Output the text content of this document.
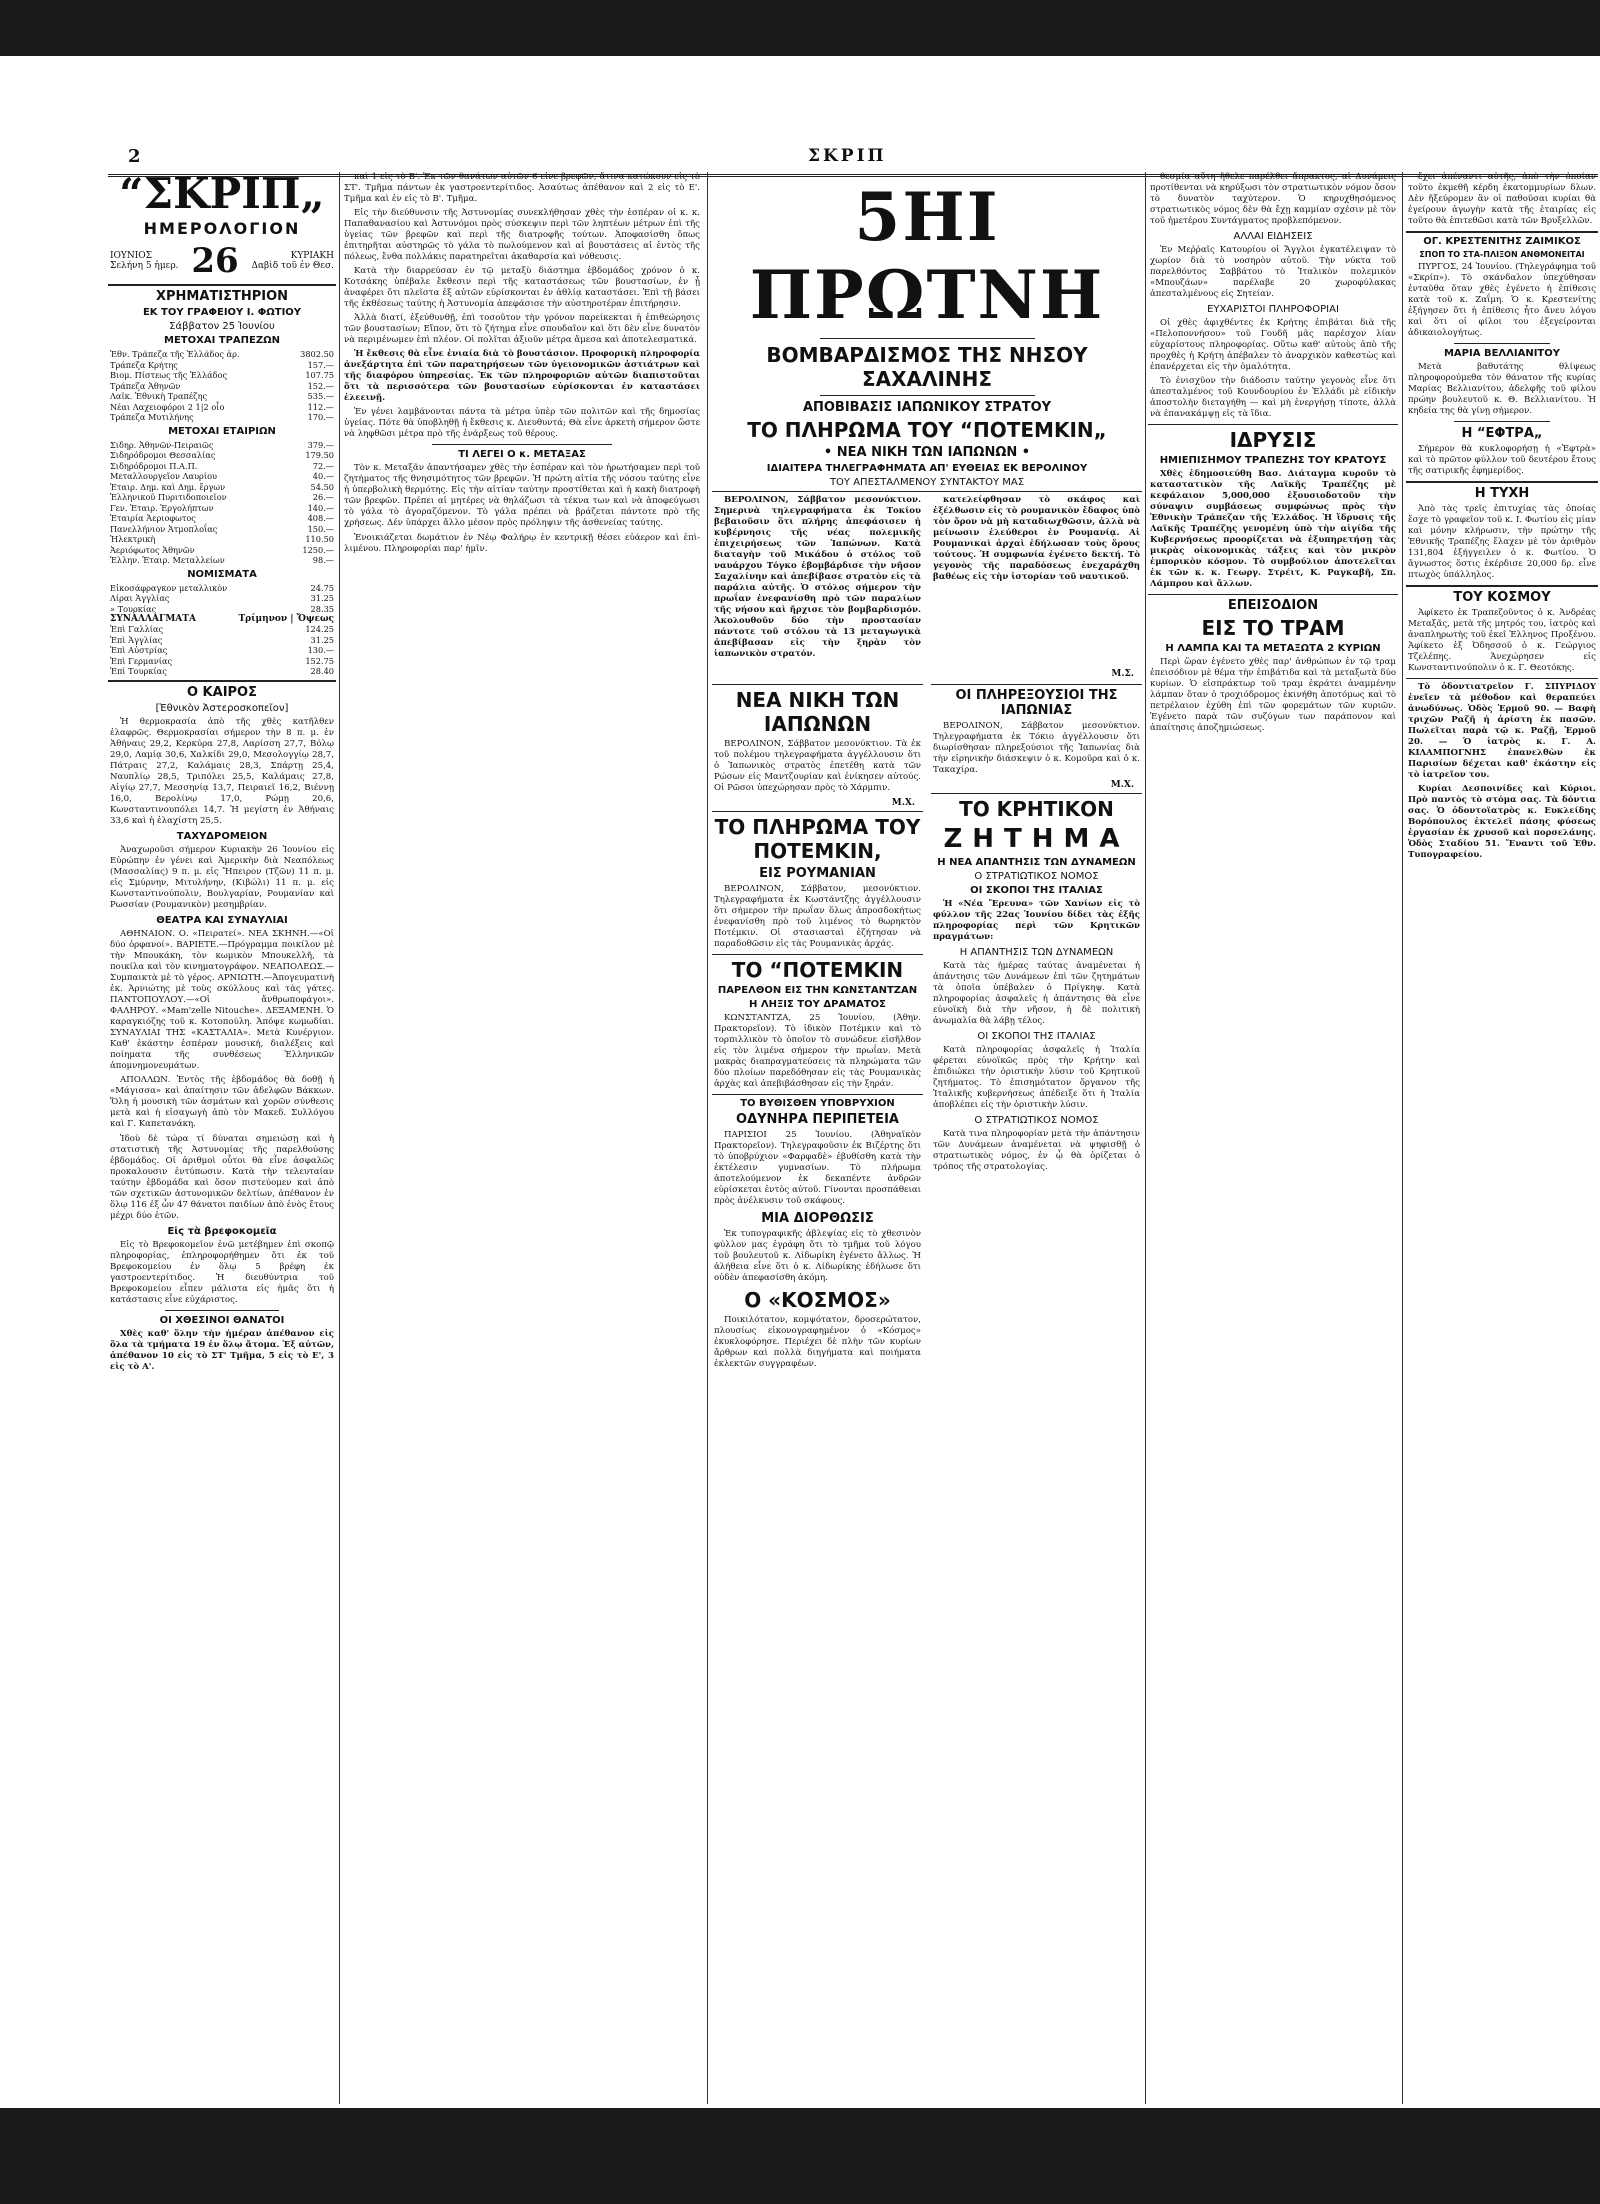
2	ΣΚΡΙΠ
“ΣΚΡΙΠ„
ΗΜΕΡΟΛΟΓΙΟΝ
ΙΟΥΝΙΟΣ
Σελήνη 5 ἡμερ. 26	ΚΥΡΙΑΚΗ
Δαβὶδ τοῦ ἐν Θεσ.
ΧΡΗΜΑΤΙΣΤΗΡΙΟΝ
ΕΚ ΤΟΥ ΓΡΑΦΕΙΟΥ Ι. ΦΩΤΙΟΥ
Σάββατον 25 Ἰουνίου
ΜΕΤΟΧΑΙ ΤΡΑΠΕΖΩΝ
Ἐθν. Τράπεζα τῆς Ἑλλάδος ἀρ.	3802.50
Τράπεζα Κρήτης	157.—
Βιομ. Πίστεως τῆς Ἑλλάδος	107.75
Τράπεζα Ἀθηνῶν	152.—
Λαϊκ. Ἐθνικὴ Τραπέζης	535.—
Νέαι Λαχειοφόροι 2 1|2 οἷο	112.—
Τράπεζα Μυτιλήνης	170.—
ΜΕΤΟΧΑΙ ΕΤΑΙΡΙΩΝ
Σιδηρ. Ἀθηνῶν-Πειραιῶς	379.—
Σιδηρόδρομοι Θεσσαλίας	179.50
Σιδηρόδρομοι Π.Α.Π.	72.—
Μεταλλουργεῖον Λαυρίου	40.—
Ἑταιρ. Δημ. καὶ Δημ. ἔργων	54.50
Ἑλληνικοῦ Πυριτιδοποιεῖον	26.—
Γεν. Ἑταιρ. Ἐργολήπτων	140.—
Ἑταιρία Ἀεριοφωτος	408.—
Πανελλήνιον Ἀτμοπλοΐας	150.—
Ἠλεκτρικὴ	110.50
Ἀεριόφωτος Ἀθηνῶν	1250.—
Ἑλλην. Ἑταιρ. Μεταλλείων	98.—
ΝΟΜΙΣΜΑΤΑ
Εἰκοσάφραγκον μεταλλικὸν	24.75
Λίραι Ἀγγλίας	31.25
» Τουρκίας	28.35
ΣΥΝΑΛΛΑΓΜΑΤΑ	Τρίμηνον | Ὄψεως
Ἐπὶ Γαλλίας	124.25
Ἐπὶ Ἀγγλίας	31.25
Ἐπὶ Αὐστρίας	130.—
Ἐπὶ Γερμανίας	152.75
Ἐπὶ Τουρκίας	28.40
Ο ΚΑΙΡΟΣ
[Ἐθνικὸν Ἀστεροσκοπεῖον]

Ἡ θερμοκρασία ἀπὸ τῆς χθὲς κατῆλθεν ἐλαφρῶς. Θερμοκρασίαι σήμερον τὴν 8 π. μ. ἐν Ἀθήναις 29,2, Κερκύρα 27,8, Λαρίσση 27,7, Βόλῳ 29,0, Λαμίᾳ 30,6, Χαλκίδι 29,0, Μεσολογγίῳ 28,7, Πάτραις 27,2, Καλάμαις 28,3, Σπάρτῃ 25,4, Ναυπλίῳ 28,5, Τριπόλει 25,5, Καλάμαις 27,8, Αἰγίῳ 27,7, Μεσσηνίᾳ 13,7, Πειραιεῖ 16,2, Βιέννῃ 16,0, Βερολίνῳ 17,0, Ρώμῃ 20,6, Κωνσταντινουπόλει 14,7. Ἡ μεγίστη ἐν Ἀθήναις 33,6 καὶ ἡ ἐλαχίστη 25,5.

ΤΑΧΥΔΡΟΜΕΙΟΝ

Ἀναχωροῦσι σήμερον Κυριακὴν 26 Ἰουνίου εἰς Εὐρώπην ἐν γένει καὶ Ἀμερικὴν διὰ Νεαπόλεως (Μασσαλίας) 9 π. μ. εἰς Ἤπειρον (Τζῶν) 11 π. μ. εἰς Σμύρνην, Μιτυλήνην, (Κιβώλι) 11 π. μ. εἰς Κωνσταντινούπολιν, Βουλγαρίαν, Ρουμανίαν καὶ Ρωσσίαν (Ρουμανικὸν) μεσημβρίαν.

ΘΕΑΤΡΑ ΚΑΙ ΣΥΝΑΥΛΙΑΙ

ΑΘΗΝΑΙΟΝ. Ο. «Πειρατεί». ΝΕΑ ΣΚΗΝΗ.—«Οἱ δύο ὀρφανοί». ΒΑΡΙΕΤΕ.—Πρόγραμμα ποικίλον μὲ τὴν Μπουκάκη, τὸν κωμικὸν Μπουκελλῆ, τὰ ποικίλα καὶ τὸν κινηματογράφον. ΝΕΑΠΟΛΕΩΣ.—Συμπαικτὰ μὲ τὸ γέρος. ΑΡΝΙΩΤΗ.—Ἀπογευματινὴ ἐκ. Ἀρνιώτης μὲ τοὺς σκύλλους καὶ τὰς γάτες. ΠΑΝΤΟΠΟΥΛΟΥ.—«Οἱ ἄνθρωποφάγοι». ΦΑΛΗΡΟΥ. «Mam'zelle Nitouche». ΔΕΞΑΜΕΝΗ. Ὁ καραγκιόζης τοῦ κ. Κοτοπούλη. Ἀπόψε κωμωδίαι. ΣΥΝΑΥΛΙΑΙ ΤΗΣ «ΚΑΣΤΑΛΙΑ». Μετὰ Κυνέργιον. Καθ' ἑκάστην ἑσπέραν μουσική, διαλέξεις καὶ ποίηματα τῆς συνθέσεως Ἑλληνικῶν ἀπομνημονευμάτων.

ΑΠΟΛΛΩΝ. Ἐντὸς τῆς ἑβδομάδος θὰ δοθῇ ἡ «Μάγισσα» καὶ ἀπαίτησιν τῶν ἀδελφῶν Βάκκων. Ὅλη ἡ μουσικὴ τῶν ἀσμάτων καὶ χορῶν σύνθεσις μετὰ καὶ ἡ εἰσαγωγὴ ἀπὸ τὸν Μακεδ. Συλλόγου καὶ Γ. Καπετανάκη.

Ἰδοὺ δὲ τώρα τί δύναται σημειώσῃ καὶ ἡ στατιστικὴ τῆς Ἀστυνομίας τῆς παρελθούσης ἑβδομάδος. Οἱ ἀριθμοὶ οὗτοι θὰ εἶνε ἀσφαλῶς προκαλουσιν ἐντύπωσιν. Κατὰ τὴν τελευταίαν ταύτην ἑβδομάδα καὶ ὅσον πιστεύομεν καὶ ἀπὸ τῶν σχετικῶν ἀστυνομικῶν δελτίων, ἀπέθανον ἐν ὅλῳ 116 ἐξ ὧν 47 θάνατοι παιδίων ἀπὸ ἑνὸς ἔτους μέχρι δύο ἐτῶν.

Εἰς τὰ βρεφοκομεῖα

Εἰς τὸ Βρεφοκομεῖον ἐνῶ μετέβημεν ἐπὶ σκοπῷ πληροφορίας, ἐπληροφορήθημεν ὅτι ἐκ τοῦ Βρεφοκομείου ἐν ὅλῳ 5 βρέφη ἐκ γαστροεντερίτιδος. Ἡ διευθύντρια τοῦ Βρεφοκομείου εἶπεν μάλιστα εἰς ἡμᾶς ὅτι ἡ κατάστασις εἶνε εὐχάριστος.

ΟΙ ΧΘΕΣΙΝΟΙ ΘΑΝΑΤΟΙ

Χθὲς καθ' ὅλην τὴν ἡμέραν ἀπέθανον εἰς ὅλα τὰ τμήματα 19 ἐν ὅλῳ ἄτομα. Ἐξ αὐτῶν, ἀπέθανον 10 εἰς τὸ ΣΤ' Τμῆμα, 5 εἰς τὸ Ε', 3 εἰς τὸ Α'.

καὶ 1 εἰς τὸ Β'. Ἐκ τῶν θανάτων αὐτῶν 6 εἶνε βρεφῶν, ἄτινα κατώκουν εἰς τὸ ΣΤ'. Τμῆμα πάντων ἐκ γαστροεντερίτιδος. Ἀσαύτως ἀπέθανον καὶ 2 εἰς τὸ Ε'. Τμῆμα καὶ ἐν εἰς τὸ Β'. Τμῆμα.

Εἰς τὴν διεύθυνσιν τῆς Ἀστυνομίας συνεκλήθησαν χθὲς τὴν ἑσπέραν οἱ κ. κ. Παπαθανασίου καὶ Ἀστυνόμοι πρὸς σύσκεψιν περὶ τῶν ληπτέων μέτρων ἐπὶ τῆς ὑγείας τῶν βρεφῶν καὶ περὶ τῆς διατροφῆς τούτων. Ἀποφασίσθη ὅπως ἐπιτηρῆται αὐστηρῶς τὸ γάλα τὸ πωλούμενον καὶ αἱ βουστάσεις αἱ ἐντὸς τῆς πόλεως, ἔνθα πολλάκις παρατηρεῖται ἀκαθαρσία καὶ νόθευσις.

Κατὰ τὴν διαρρεύσαν ἐν τῷ μεταξὺ διάστημα ἑβδομάδος χρόνον ὁ κ. Κοτσάκης ὑπέβαλε ἔκθεσιν περὶ τῆς καταστάσεως τῶν βουστασίων, ἐν ᾗ ἀναφέρει ὅτι πλεῖστα ἐξ αὐτῶν εὑρίσκονται ἐν ἀθλίᾳ καταστάσει. Ἐπὶ τῇ βάσει τῆς ἐκθέσεως ταύτης ἡ Ἀστυνομία ἀπεφάσισε τὴν αὐστηροτέραν ἐπιτήρησιν.

Ἀλλὰ διατί, ἐξεύθυνθῇ, ἐπὶ τοσοῦτον τὴν γρόνον παρείκεκται ἡ ἐπιθεώρησις τῶν βουστασίων; Εἴπον, ὅτι τὸ ζήτημα εἶνε σπουδαῖον καὶ ὅτι δὲν εἶνε δυνατὸν νὰ περιμένωμεν ἐπὶ πλέον. Οἱ πολῖται ἀξιοῦν μέτρα ἄμεσα καὶ ἀποτελεσματικά.

Ἡ ἔκθεσις θὰ εἶνε ἐνιαία διὰ τὸ βουστάσιον. Προφορικὴ πληροφορία ἀνεξάρτητα ἐπὶ τῶν παρατηρήσεων τῶν ὑγειονομικῶν ἀστιάτρων καὶ τῆς διαφόρου ὑπηρεσίας. Ἐκ τῶν πληροφοριῶν αὐτῶν διαπιστοῦται ὅτι τὰ περισσότερα τῶν βουστασίων εὑρίσκονται ἐν καταστάσει ἐλεεινῇ.

Ἐν γένει λαμβάνονται πάντα τὰ μέτρα ὑπὲρ τῶν πολιτῶν καὶ τῆς δημοσίας ὑγείας. Πότε θὰ ὑποβληθῇ ἡ ἔκθεσις κ. Διευθυντά; Θὰ εἶνε ἀρκετὴ σήμερον ὥστε νὰ ληφθῶσι μέτρα πρὸ τῆς ἐνάρξεως τοῦ θέρους.

ΤΙ ΛΕΓΕΙ Ο κ. ΜΕΤΑΞΑΣ

Τὸν κ. Μεταξᾶν ἀπαντήσαμεν χθὲς τὴν ἑσπέραν καὶ τὸν ἠρωτήσαμεν περὶ τοῦ ζητήματος τῆς θνησιμότητος τῶν βρεφῶν. Ἡ πρώτη αἰτία τῆς νόσου ταύτης εἶνε ἡ ὑπερβολικὴ θερμότης. Εἰς τὴν αἰτίαν ταύτην προστίθεται καὶ ἡ κακὴ διατροφὴ τῶν βρεφῶν. Πρέπει αἱ μητέρες νὰ θηλάζωσι τὰ τέκνα των καὶ νὰ ἀποφεύγωσι τὸ γάλα τὸ ἀγοραζόμενον. Τὸ γάλα πρέπει νὰ βράζεται πάντοτε πρὸ τῆς χρήσεως. Δέν ὑπάρχει ἄλλο μέσον πρὸς πρόληψιν τῆς ἀσθενείας ταύτης.

Ἐνοικιάζεται δωμάτιον ἐν Νέῳ Φαλήρῳ ἐν κεντρικῇ θέσει εὐάερον καὶ ἐπὶ-λιμένου. Πληροφορίαι παρ' ἡμῖν.

5ΗΙ ΠΡΩΤΝΗ
ΒΟΜΒΑΡΔΙΣΜΟΣ ΤΗΣ ΝΗΣΟΥ ΣΑΧΑΛΙΝΗΣ
ΑΠΟΒΙΒΑΣΙΣ ΙΑΠΩΝΙΚΟΥ ΣΤΡΑΤΟΥ
ΤΟ ΠΛΗΡΩΜΑ ΤΟΥ “ΠΟΤΕΜΚΙΝ„
• ΝΕΑ ΝΙΚΗ ΤΩΝ ΙΑΠΩΝΩΝ •
ΙΔΙΑΙΤΕΡΑ ΤΗΛΕΓΡΑΦΗΜΑΤΑ ΑΠ' ΕΥΘΕΙΑΣ ΕΚ ΒΕΡΟΛΙΝΟΥ
ΤΟΥ ΑΠΕΣΤΑΛΜΕΝΟΥ ΣΥΝΤΑΚΤΟΥ ΜΑΣ

ΒΕΡΟΛΙΝΟΝ, Σάββατον μεσονύκτιον. Σημερινὰ τηλεγραφήματα ἐκ Τοκίου βεβαιοῦσιν ὅτι πλήρης ἀπεφάσισεν ἡ κυβέρνησις τῆς νέας πολεμικῆς ἐπιχειρήσεως τῶν Ἰαπώνων. Κατὰ διαταγὴν τοῦ Μικάδου ὁ στόλος τοῦ ναυάρχου Τόγκο ἐβομβάρδισε τὴν νῆσον Σαχαλίνην καὶ ἀπεβίβασε στρατὸν εἰς τὰ παράλια αὐτῆς. Ὁ στόλος σήμερον τὴν πρωΐαν ἐνεφανίσθη πρὸ τῶν παραλίων τῆς νήσου καὶ ἤρχισε τὸν βομβαρδισμόν. Ἀκολουθοῦν δύο τὴν προστασίαν πάντοτε τοῦ στόλου τὰ 13 μεταγωγικὰ ἀπεβίβασαν εἰς τὴν ξηρὰν τὸν ἰαπωνικὸν στρατόν.

κατελείφθησαν τὸ σκάφος καὶ ἐξέλθωσιν εἰς τὸ ρουμανικὸν ἔδαφος ὑπὸ τὸν ὅρον νὰ μὴ καταδιωχθῶσιν, ἀλλὰ νὰ μείνωσιν ἐλεύθεροι ἐν Ρουμανίᾳ. Αἱ Ρουμανικαὶ ἀρχαὶ ἐδήλωσαν τοὺς ὅρους τούτους. Ἡ συμφωνία ἐγένετο δεκτή. Τὸ γεγονὸς τῆς παραδόσεως ἐνεχαράχθη βαθέως εἰς τὴν ἱστορίαν τοῦ ναυτικοῦ.

Μ.Σ.
ΝΕΑ ΝΙΚΗ ΤΩΝ ΙΑΠΩΝΩΝ

ΒΕΡΟΛΙΝΟΝ, Σάββατον μεσονύκτιον. Τὰ ἐκ τοῦ πολέμου τηλεγραφήματα ἀγγέλλουσιν ὅτι ὁ Ἰαπωνικὸς στρατὸς ἐπετέθη κατὰ τῶν Ρώσων εἰς Μαντζουρίαν καὶ ἐνίκησεν αὐτούς. Οἱ Ρῶσοι ὑπεχώρησαν πρὸς τὸ Χάρμπιν.

Μ.Χ.
ΤΟ ΠΛΗΡΩΜΑ ΤΟΥ ΠΟΤΕΜΚΙΝ,
ΕΙΣ ΡΟΥΜΑΝΙΑΝ

ΒΕΡΟΛΙΝΟΝ, Σάββατον, μεσονύκτιον. Τηλεγραφήματα ἐκ Κωστάντζης ἀγγέλλουσιν ὅτι σήμερον τὴν πρωΐαν ὅλως ἀπροσδοκήτως ἐνεφανίσθη πρὸ τοῦ λιμένος τὸ θωρηκτὸν Ποτέμκιν. Οἱ στασιασταὶ ἐζήτησαν νὰ παραδοθῶσιν εἰς τὰς Ρουμανικὰς ἀρχάς.

ΤΟ “ΠΟΤΕΜΚΙΝ
ΠΑΡΕΛΘΟΝ ΕΙΣ ΤΗΝ ΚΩΝΣΤΑΝΤΖΑΝ
Η ΛΗΞΙΣ ΤΟΥ ΔΡΑΜΑΤΟΣ

ΚΩΝΣΤΑΝΤΖΑ, 25 Ἰουνίου. (Ἀθην. Πρακτορεῖον). Τὸ ἰδικὸν Ποτέμκιν καὶ τὸ τορπιλλικὸν τὸ ὁποῖον τὸ συνώδευε εἰσῆλθον εἰς τὸν λιμένα σήμερον τὴν πρωΐαν. Μετὰ μακρὰς διαπραγματεύσεις τὰ πληρώματα τῶν δύο πλοίων παρεδόθησαν εἰς τὰς Ρουμανικὰς ἀρχὰς καὶ ἀπεβιβάσθησαν εἰς τὴν ξηράν.

ΤΟ ΒΥΘΙΣΘΕΝ ΥΠΟΒΡΥΧΙΟΝ
ΟΔΥΝΗΡΑ ΠΕΡΙΠΕΤΕΙΑ

ΠΑΡΙΣΙΟΙ 25 Ἰουνίου. (Ἀθηναϊκὸν Πρακτορεῖον). Τηλεγραφοῦσιν ἐκ Βιζέρτης ὅτι τὸ ὑποβρύχιον «Φαρφαδὲ» ἐβυθίσθη κατὰ τὴν ἐκτέλεσιν γυμνασίων. Τὸ πλήρωμα ἀποτελούμενον ἐκ δεκαπέντε ἀνδρῶν εὑρίσκεται ἐντὸς αὐτοῦ. Γίνονται προσπάθειαι πρὸς ἀνέλκυσιν τοῦ σκάφους.

ΜΙΑ ΔΙΟΡΘΩΣΙΣ

Ἐκ τυπογραφικῆς ἀβλεψίας εἰς τὸ χθεσινὸν φύλλον μας ἐγράφη ὅτι τὸ τμῆμα τοῦ λόγου τοῦ βουλευτοῦ κ. Λίδωρίκη ἐγένετο ἄλλως. Ἡ ἀλήθεια εἶνε ὅτι ὁ κ. Λίδωρίκης ἐδήλωσε ὅτι οὐδὲν ἀπεφασίσθη ἀκόμη.

Ο «ΚΟΣΜΟΣ»

Ποικιλότατον, κομψότατον, δροσερώτατον, πλουσίως εἰκονογραφημένον ὁ «Κόσμος» ἐκυκλοφόρησε. Περιέχει δὲ πλὴν τῶν κυρίων ἄρθρων καὶ πολλὰ διηγήματα καὶ ποιήματα ἐκλεκτῶν συγγραφέων.

ΟΙ ΠΛΗΡΕΞΟΥΣΙΟΙ ΤΗΣ ΙΑΠΩΝΙΑΣ

ΒΕΡΟΛΙΝΟΝ, Σάββατον μεσονύκτιον. Τηλεγραφήματα ἐκ Τόκιο ἀγγέλλουσιν ὅτι διωρίσθησαν πληρεξούσιοι τῆς Ἰαπωνίας διὰ τὴν εἰρηνικὴν διάσκεψιν ὁ κ. Κομοῦρα καὶ ὁ κ. Τακαχίρα.

Μ.Χ.
ΤΟ ΚΡΗΤΙΚΟΝ
ΖΗΤΗΜΑ
Η ΝΕΑ ΑΠΑΝΤΗΣΙΣ ΤΩΝ ΔΥΝΑΜΕΩΝ
Ο ΣΤΡΑΤΙΩΤΙΚΟΣ ΝΟΜΟΣ
ΟΙ ΣΚΟΠΟΙ ΤΗΣ ΙΤΑΛΙΑΣ

Ἡ «Νέα Ἔρευνα» τῶν Χανίων εἰς τὸ φύλλον τῆς 22ας Ἰουνίου δίδει τὰς ἑξῆς πληροφορίας περὶ τῶν Κρητικῶν πραγμάτων:

Η ΑΠΑΝΤΗΣΙΣ ΤΩΝ ΔΥΝΑΜΕΩΝ

Κατὰ τὰς ἡμέρας ταύτας ἀναμένεται ἡ ἀπάντησις τῶν Δυνάμεων ἐπὶ τῶν ζητημάτων τὰ ὁποῖα ὑπέβαλεν ὁ Πρίγκηψ. Κατὰ πληροφορίας ἀσφαλεῖς ἡ ἀπάντησις θὰ εἶνε εὐνοϊκὴ διὰ τὴν νῆσον, ἡ δὲ πολιτικὴ ἀνωμαλία θὰ λάβῃ τέλος.

ΟΙ ΣΚΟΠΟΙ ΤΗΣ ΙΤΑΛΙΑΣ

Κατὰ πληροφορίας ἀσφαλεῖς ἡ Ἰταλία φέρεται εὐνοϊκῶς πρὸς τὴν Κρήτην καὶ ἐπιδιώκει τὴν ὁριστικὴν λύσιν τοῦ Κρητικοῦ ζητήματος. Τὸ ἐπισημότατον ὄργανον τῆς Ἰταλικῆς κυβερνήσεως ἀπέδειξε ὅτι ἡ Ἰταλία ἀποβλέπει εἰς τὴν ὁριστικὴν λύσιν.

Ο ΣΤΡΑΤΙΩΤΙΚΟΣ ΝΟΜΟΣ

Κατὰ τινα πληροφορίαν μετὰ τὴν ἀπάντησιν τῶν Δυνάμεων ἀναμένεται νὰ ψηφισθῇ ὁ στρατιωτικὸς νόμος, ἐν ᾧ θὰ ὁρίζεται ὁ τρόπος τῆς στρατολογίας.

θεσμία αὕτη ἤθελε παρέλθει ἄπρακτος, αἱ Δυνάμεις προτίθενται νὰ κηρύξωσι τὸν στρατιωτικὸν νόμον ὅσον τὸ δυνατὸν ταχύτερον. Ὁ κηρυχθησόμενος στρατιωτικὸς νόμος δὲν θὰ ἔχῃ καμμίαν σχέσιν μὲ τὸν τοῦ ἡμετέρου Συντάγματος προβλεπόμενον.

ΑΛΛΑΙ ΕΙΔΗΣΕΙΣ

Ἐν Μεῤῥαῖς Κατουρίου οἱ Ἄγγλοι ἐγκατέλειψαν τὸ χωρίον διὰ τὸ νοσηρὸν αὐτοῦ. Τὴν νύκτα τοῦ παρελθόντος Σαββάτου τὸ Ἰταλικὸν πολεμικὸν «Μπουζάων» παρέλαβε 20 χωροφύλακας ἀπεσταλμένους εἰς Σητείαν.

ΕΥΧΑΡΙΣΤΟΙ ΠΛΗΡΟΦΟΡΙΑΙ

Οἱ χθὲς ἀφιχθέντες ἐκ Κρήτης ἐπιβάται διὰ τῆς «Πελοποννήσου» τοῦ Γουδῆ μᾶς παρέσχον λίαν εὐχαρίστους πληροφορίας. Οὕτω καθ' αὐτοὺς ἀπὸ τῆς προχθὲς ἡ Κρήτη ἀπέβαλεν τὸ ἀναρχικὸν καθεστὼς καὶ ἐπανέρχεται εἰς τὴν ὁμαλότητα.

Τὸ ἐνισχῦον τὴν διάδοσιν ταύτην γεγονὸς εἶνε ὅτι ἀπεσταλμένος τοῦ Κουνδουρίου ἐν Ἑλλάδι μὲ εἰδικὴν ἀποστολὴν διεταγήθη — καὶ μὴ ἐνεργήσῃ τίποτε, ἀλλὰ νὰ ἐπανακάμψῃ εἰς τὰ ἴδια.

ΙΔΡΥΣΙΣ
ΗΜΙΕΠΙΣΗΜΟΥ ΤΡΑΠΕΖΗΣ ΤΟΥ ΚΡΑΤΟΥΣ

Χθὲς ἐδημοσιεύθη Βασ. Διάταγμα κυροῦν τὸ καταστατικὸν τῆς Λαϊκῆς Τραπέζης μὲ κεφάλαιον 5,000,000 ἐξουσιοδοτοῦν τὴν σύναψιν συμβάσεως συμφώνως πρὸς τὴν Ἐθνικὴν Τράπεζαν τῆς Ἑλλάδος. Ἡ ἵδρυσις τῆς Λαϊκῆς Τραπέζης γενομένη ὑπὸ τὴν αἰγίδα τῆς Κυβερνήσεως προορίζεται νὰ ἐξυπηρετήσῃ τὰς μικρὰς οἰκονομικὰς τάξεις καὶ τὸν μικρὸν ἐμπορικὸν κόσμον. Τὸ συμβούλιον ἀποτελεῖται ἐκ τῶν κ. κ. Γεωργ. Στρέιτ, Κ. Ραγκαβῆ, Σπ. Λάμπρου καὶ ἄλλων.

ΕΠΕΙΣΟΔΙΟΝ
ΕΙΣ ΤΟ ΤΡΑΜ
Η ΛΑΜΠΑ ΚΑΙ ΤΑ ΜΕΤΑΞΩΤΑ 2 ΚΥΡΙΩΝ

Περὶ ὥραν ἐγένετο χθὲς παρ' ἀνθρώπων ἐν τῷ τραμ ἐπεισόδιον μὲ θέμα τὴν ἐπιβάτιδα καὶ τὰ μεταξωτὰ δύο κυρίων. Ὁ εἰσπράκτωρ τοῦ τραμ ἐκράτει ἀναμμένην λάμπαν ὅταν ὁ τροχιόδρομος ἐκινήθη ἀποτόμως καὶ τὸ πετρέλαιον ἐχύθη ἐπὶ τῶν φορεμάτων τῶν κυριῶν. Ἐγένετο παρὰ τῶν συζύγων των παράπονον καὶ ἀπαίτησις ἀποζημιώσεως.

ἔχει ἀπέναντι αὐτῆς, ἀπὸ τὴν ὁποίαν τοῦτο ἐκμεθῆ κέρδη ἐκατομμυρίων δλων. Δὲν ἤξεύρομεν ἂν οἱ παθοῦσαι κυρίαι θὰ ἐγείρουν ἀγωγὴν κατὰ τῆς ἑταιρίας εἰς τοῦτο θὰ ἐπιτεθῶσι κατὰ τῶν Βρυξελλῶν.

ΟΓ. ΚΡΕΣΤΕΝΙΤΗΣ ΖΑΙΜΙΚΟΣ
ΣΠΟΠ ΤΟ ΣΤΑ-ΠΛΙΞΟΝ ΑΝΘΜΟΝΕΙΤΑΙ

ΠΥΡΓΟΣ, 24 Ἰουνίου. (Τηλεγράφημα τοῦ «Σκρίπ»). Τὸ σκάνδαλον ὑπεχύθησαν ἐνταῦθα ὅταν χθὲς ἐγένετο ἡ ἐπίθεσις κατὰ τοῦ κ. Ζαΐμη. Ὁ κ. Κρεστενίτης ἐξήγησεν ὅτι ἡ ἐπίθεσις ἦτο ἄνευ λόγου καὶ ὅτι οἱ φίλοι του ἐξεγείρονται ἀδικαιολογήτως.

ΜΑΡΙΑ ΒΕΛΛΙΑΝΙΤΟΥ

Μετὰ βαθυτάτης θλίψεως πληροφορούμεθα τὸν θάνατον τῆς κυρίας Μαρίας Βελλιανίτου, ἀδελφῆς τοῦ φίλου πρώην βουλευτοῦ κ. Θ. Βελλιανίτου. Ἡ κηδεία της θὰ γίνῃ σήμερον.

Η “ΕΦΤΡΑ„

Σήμερον θὰ κυκλοφορήσῃ ἡ «Ἐφτρὰ» καὶ τὸ πρῶτον φύλλον τοῦ δευτέρου ἔτους τῆς σατιρικῆς ἐφημερίδος.

Η ΤΥΧΗ

Ἀπὸ τὰς τρεῖς ἐπιτυχίας τὰς ὁποίας ἔσχε τὸ γραφεῖον τοῦ κ. Ι. Φωτίου εἰς μίαν καὶ μόνην κλήρωσιν, τὴν πρώτην τῆς Ἐθνικῆς Τραπέζης ἔλαχεν μὲ τὸν ἀριθμὸν 131,804 ἐξήγγειλεν ὁ κ. Φωτίου. Ὁ ἄγνωστος ὅστις ἐκέρδισε 20,000 δρ. εἶνε πτωχὸς ὑπάλληλος.

ΤΟΥ ΚΟΣΜΟΥ

Ἀφίκετο ἐκ Τραπεζοῦντος ὁ κ. Ἀνδρέας Μεταξᾶς, μετὰ τῆς μητρός του, ἰατρὸς καὶ ἀναπληρωτὴς τοῦ ἐκεῖ Ἑλληνος Προξένου. Ἀφίκετο ἐξ Ὀδησσοῦ ὁ κ. Γεώργιος Τζελέπης. Ἀνεχώρησεν εἰς Κωνσταντινούπολιν ὁ κ. Γ. Θεοτόκης.

Τὸ ὀδοντιατρεῖον Γ. ΣΠΥΡΙΔΟΥ ἐνεῖεν τὰ μέθοδον καὶ θεραπεύει ἀνωδύνως. Ὁδὸς Ἑρμοῦ 90. — Βαφὴ τριχῶν Ραζῆ ἡ ἀρίστη ἐκ πασῶν. Πωλεῖται παρὰ τῷ κ. Ραζῇ, Ἑρμοῦ 20. — Ὁ ἰατρὸς κ. Γ. Α. ΚΙΛΑΜΠΟΓΝΗΣ ἐπανελθὼν ἐκ Παρισίων δέχεται καθ' ἑκάστην εἰς τὸ ἰατρεῖον του.

Κυρίαι Δεσποινίδες καὶ Κύριοι. Πρὸ παντὸς τὸ στόμα σας. Τὰ δόντια σας. Ὁ ὀδοντοϊατρὸς κ. Ευκλείδης Βορόπουλος ἐκτελεῖ πάσης φύσεως ἐργασίαν ἐκ χρυσοῦ καὶ πορσελάνης. Ὁδὸς Σταδίου 51. Ἔναντι τοῦ Ἐθν. Τυπογραφείου.
